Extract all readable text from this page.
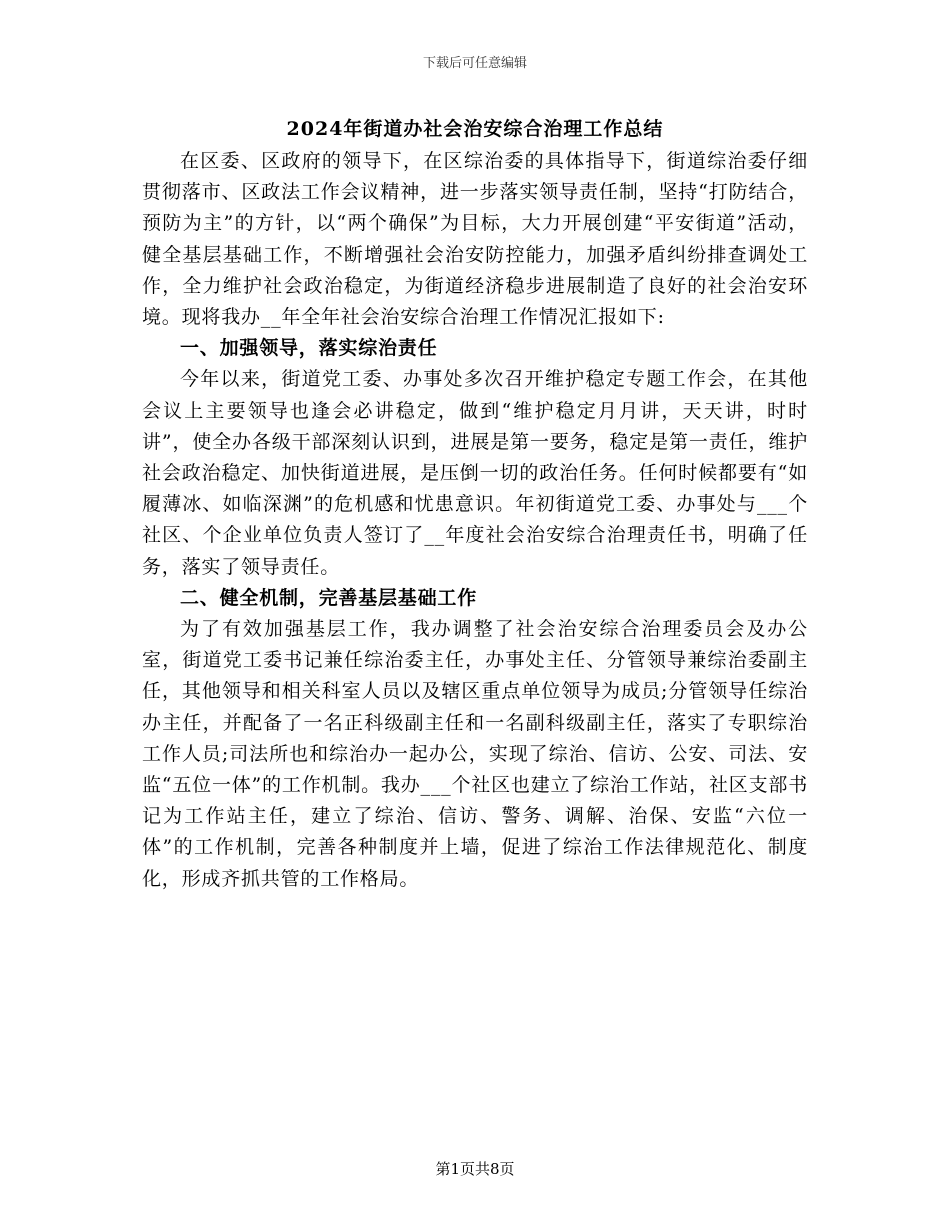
下载后可任意编辑
2024年街道办社会治安综合治理工作总结

在区委、区政府的领导下，在区综治委的具体指导下，街道综治委仔细贯彻落市、区政法工作会议精神，进一步落实领导责任制，坚持“打防结合，预防为主”的方针，以“两个确保”为目标，大力开展创建“平安街道”活动，健全基层基础工作，不断增强社会治安防控能力，加强矛盾纠纷排查调处工作，全力维护社会政治稳定，为街道经济稳步进展制造了良好的社会治安环境。现将我办__年全年社会治安综合治理工作情况汇报如下:

一、加强领导，落实综治责任

今年以来，街道党工委、办事处多次召开维护稳定专题工作会，在其他会议上主要领导也逢会必讲稳定，做到“维护稳定月月讲，天天讲，时时讲”，使全办各级干部深刻认识到，进展是第一要务，稳定是第一责任，维护社会政治稳定、加快街道进展，是压倒一切的政治任务。任何时候都要有“如履薄冰、如临深渊”的危机感和忧患意识。年初街道党工委、办事处与___个社区、个企业单位负责人签订了__年度社会治安综合治理责任书，明确了任务，落实了领导责任。

二、健全机制，完善基层基础工作

为了有效加强基层工作，我办调整了社会治安综合治理委员会及办公室，街道党工委书记兼任综治委主任，办事处主任、分管领导兼综治委副主任，其他领导和相关科室人员以及辖区重点单位领导为成员;分管领导任综治办主任，并配备了一名正科级副主任和一名副科级副主任，落实了专职综治工作人员;司法所也和综治办一起办公，实现了综治、信访、公安、司法、安监“五位一体”的工作机制。我办___个社区也建立了综治工作站，社区支部书记为工作站主任，建立了综治、信访、警务、调解、治保、安监“六位一体”的工作机制，完善各种制度并上墙，促进了综治工作法律规范化、制度化，形成齐抓共管的工作格局。

第1页共8页
